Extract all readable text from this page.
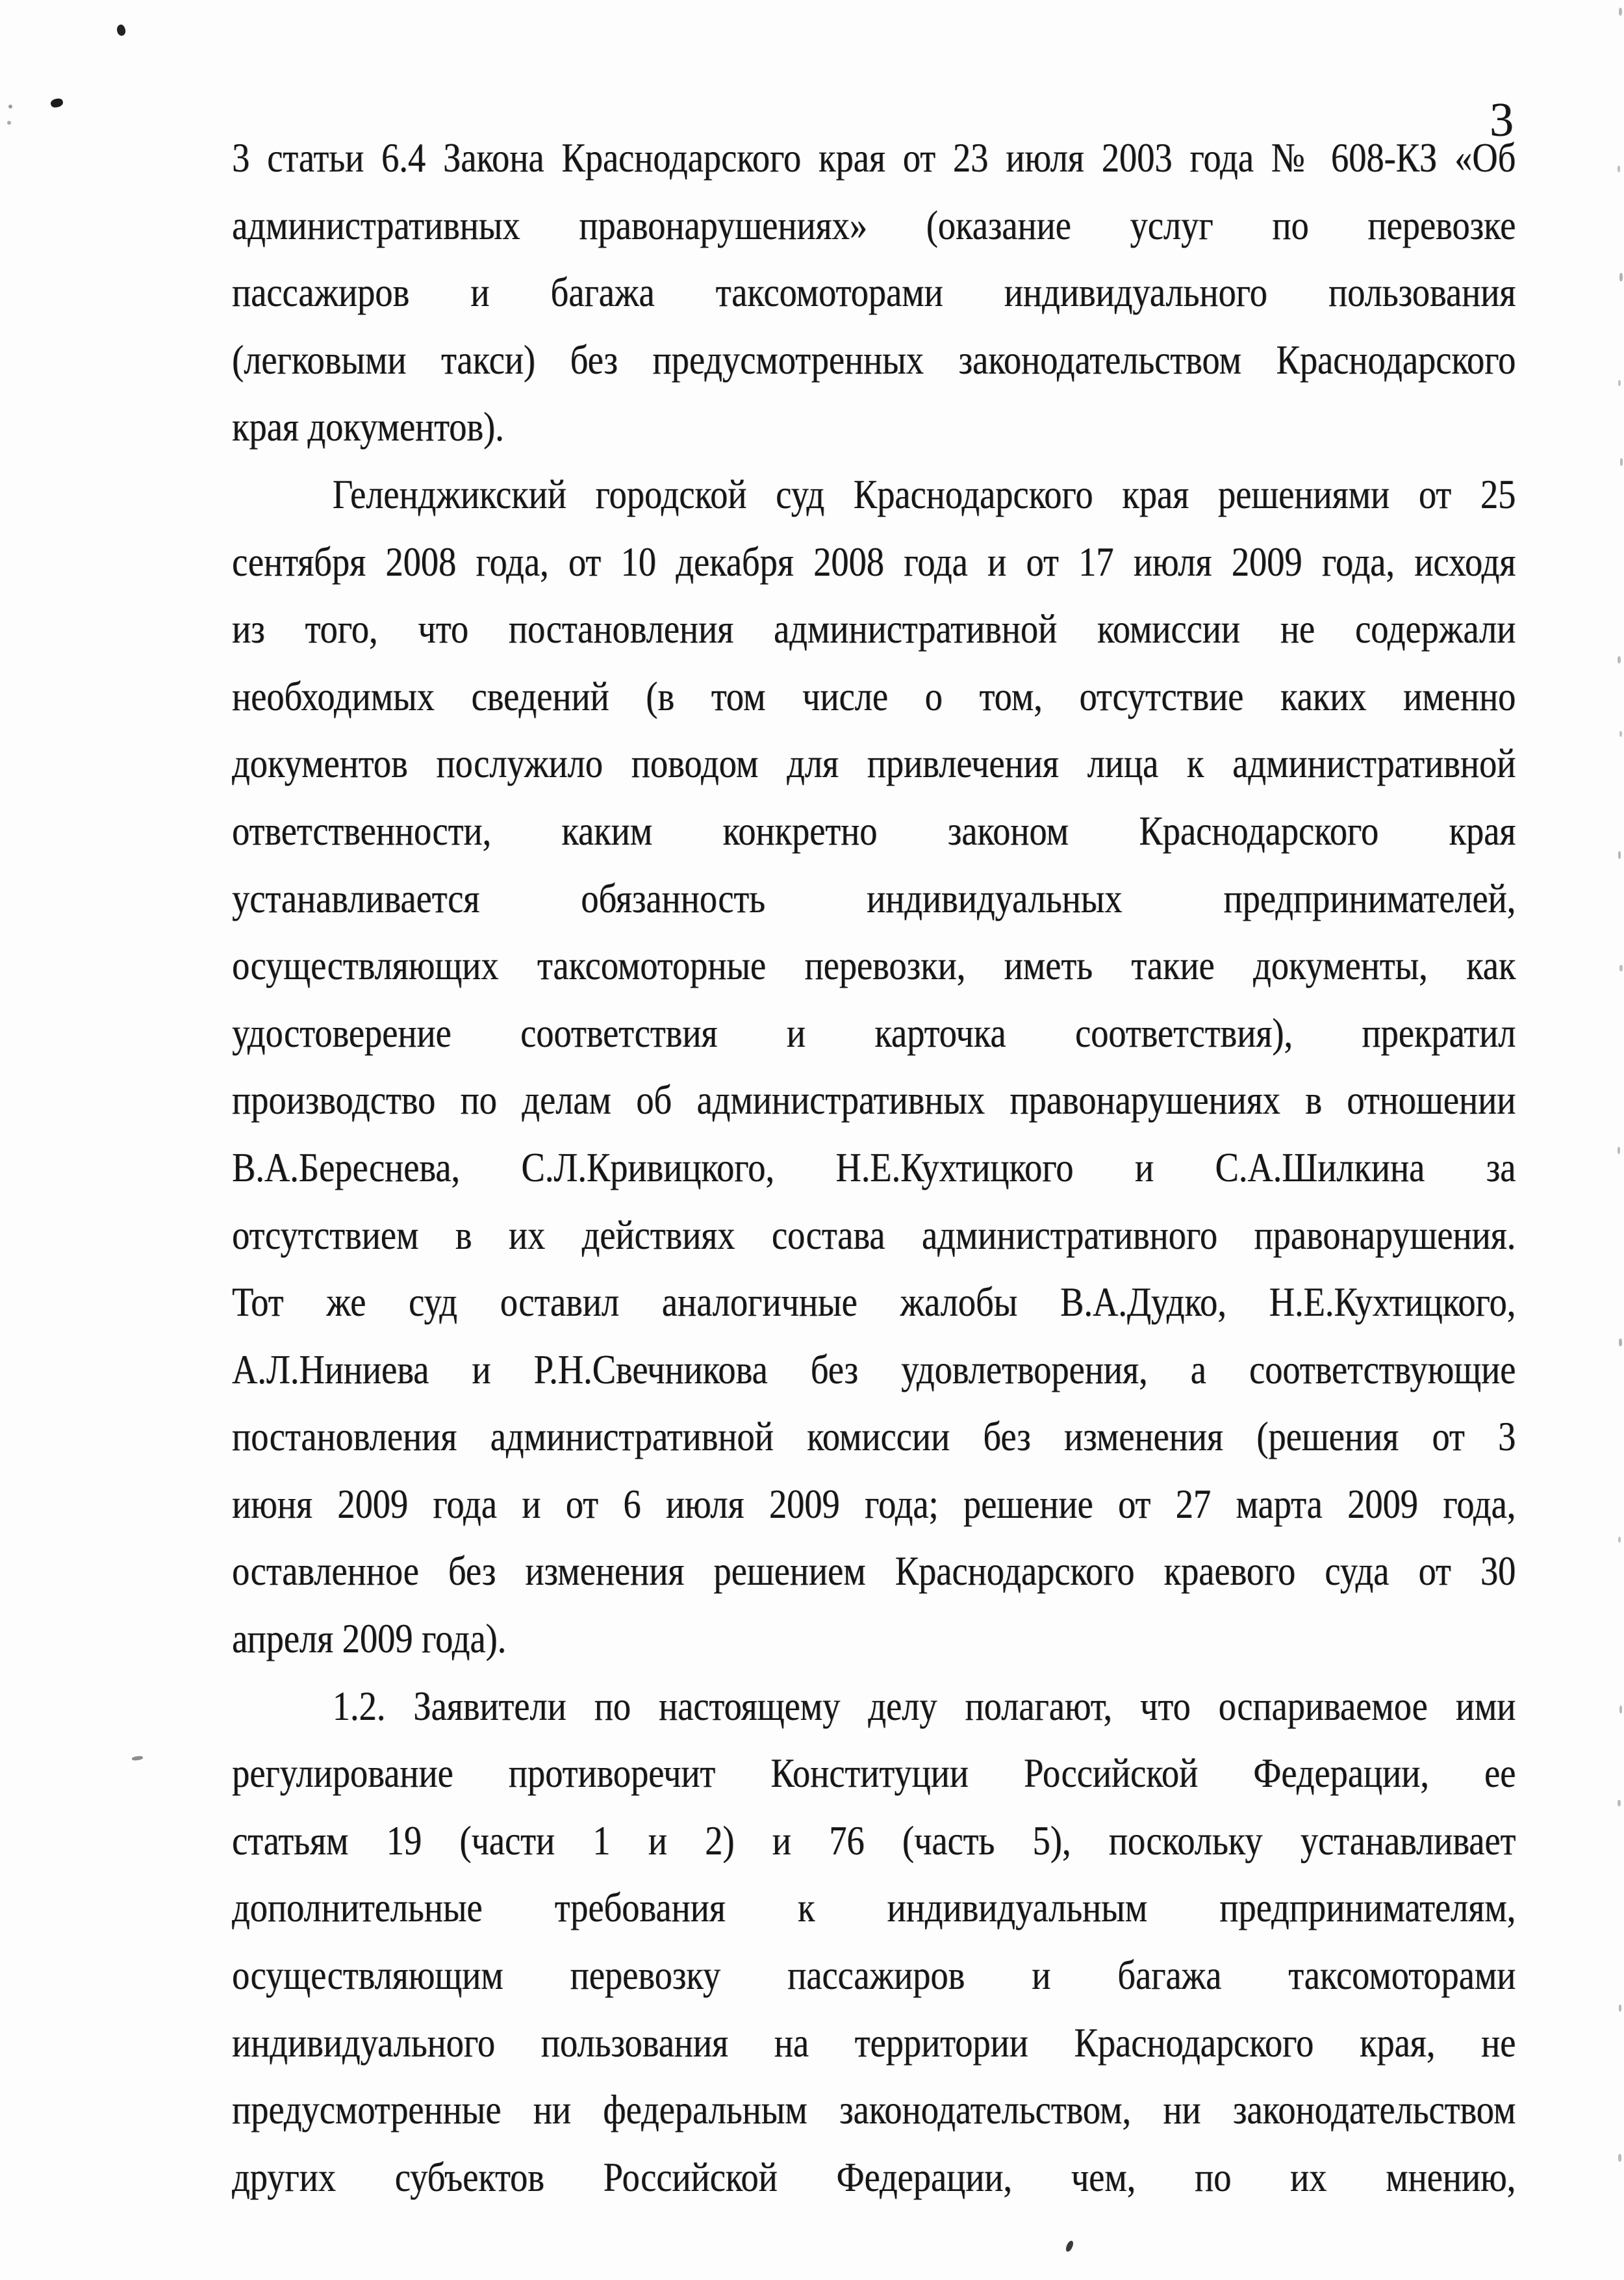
3
3 статьи 6.4 Закона Краснодарского края от 23 июля 2003 года № 608-КЗ «Об
административных правонарушениях» (оказание услуг по перевозке
пассажиров и багажа таксомоторами индивидуального пользования
(легковыми такси) без предусмотренных законодательством Краснодарского
края документов).
Геленджикский городской суд Краснодарского края решениями от 25
сентября 2008 года, от 10 декабря 2008 года и от 17 июля 2009 года, исходя
из того, что постановления административной комиссии не содержали
необходимых сведений (в том числе о том, отсутствие каких именно
документов послужило поводом для привлечения лица к административной
ответственности, каким конкретно законом Краснодарского края
устанавливается обязанность индивидуальных предпринимателей,
осуществляющих таксомоторные перевозки, иметь такие документы, как
удостоверение соответствия и карточка соответствия), прекратил
производство по делам об административных правонарушениях в отношении
В.А.Береснева, С.Л.Кривицкого, Н.Е.Кухтицкого и С.А.Шилкина за
отсутствием в их действиях состава административного правонарушения.
Тот же суд оставил аналогичные жалобы В.А.Дудко, Н.Е.Кухтицкого,
А.Л.Ниниева и Р.Н.Свечникова без удовлетворения, а соответствующие
постановления административной комиссии без изменения (решения от 3
июня 2009 года и от 6 июля 2009 года; решение от 27 марта 2009 года,
оставленное без изменения решением Краснодарского краевого суда от 30
апреля 2009 года).
1.2. Заявители по настоящему делу полагают, что оспариваемое ими
регулирование противоречит Конституции Российской Федерации, ее
статьям 19 (части 1 и 2) и 76 (часть 5), поскольку устанавливает
дополнительные требования к индивидуальным предпринимателям,
осуществляющим перевозку пассажиров и багажа таксомоторами
индивидуального пользования на территории Краснодарского края, не
предусмотренные ни федеральным законодательством, ни законодательством
других субъектов Российской Федерации, чем, по их мнению,
